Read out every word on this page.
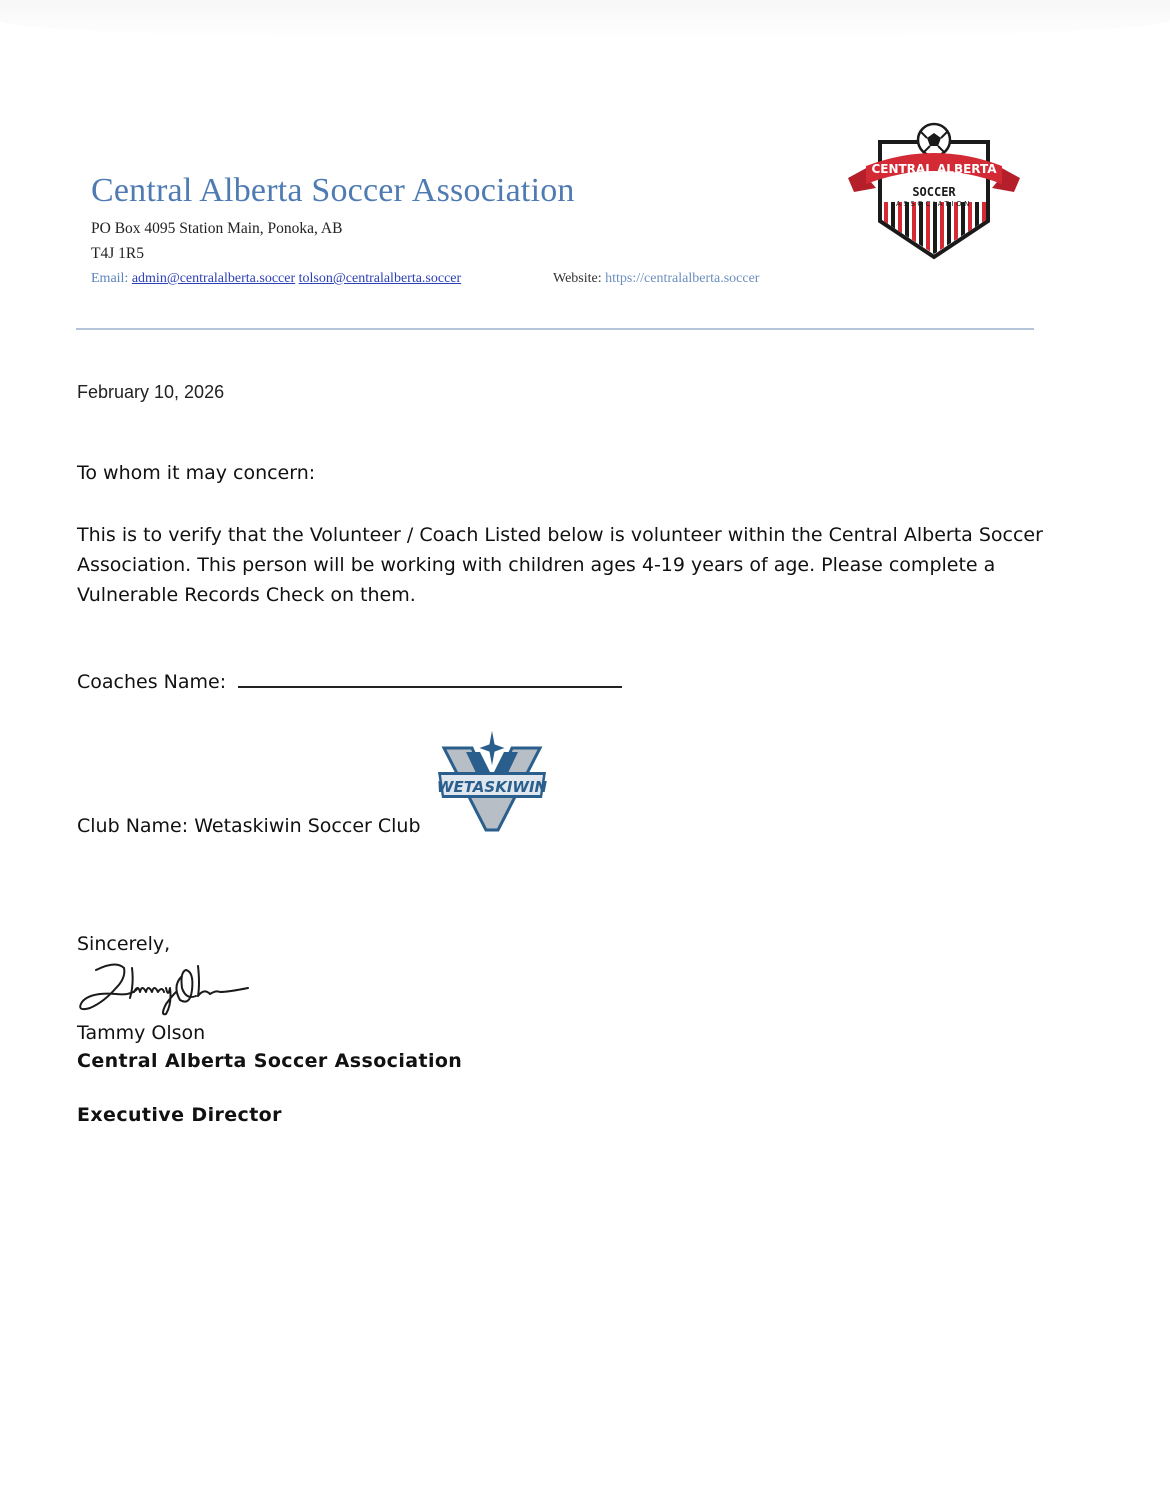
Central Alberta Soccer Association
PO Box 4095 Station Main, Ponoka, AB
T4J 1R5
Email: admin@centralalberta.soccer tolson@centralalberta.soccer	Website: https://centralalberta.soccer
CENTRAL ALBERTA
SOCCER
ASSOCIATION
February 10, 2026
To whom it may concern:
This is to verify that the Volunteer / Coach Listed below is volunteer within the Central Alberta Soccer Association. This person will be working with children ages 4-19 years of age. Please complete a Vulnerable Records Check on them.
Coaches Name:
WETASKIWIN
Club Name: Wetaskiwin Soccer Club
Sincerely,
Tammy Olson
Central Alberta Soccer Association
Executive Director
